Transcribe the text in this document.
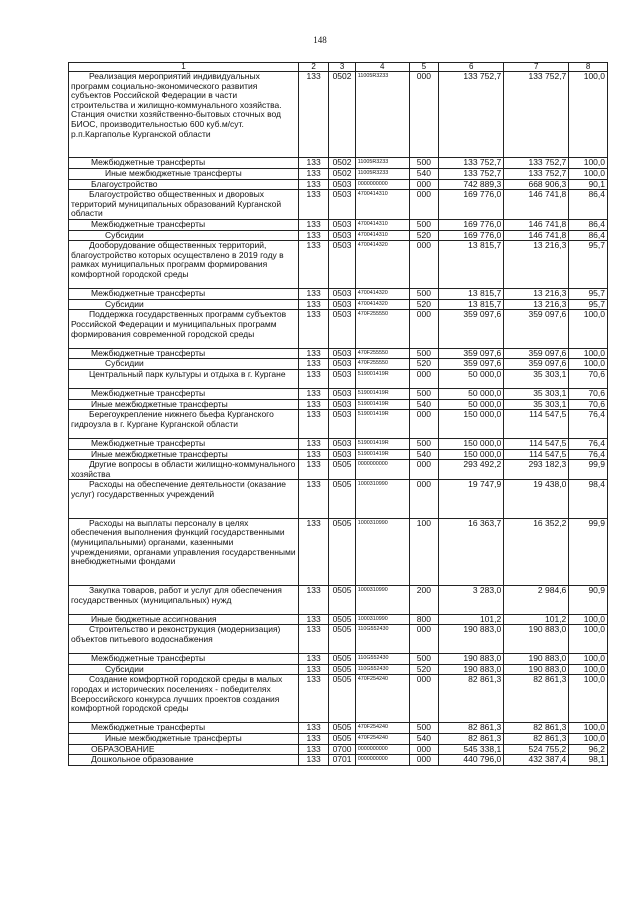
148
1	2	3	4	5	6	7	8
Реализация мероприятий индивидуальных программ социально-экономического развития субъектов Российской Федерации в части строительства и жилищно-коммунального хозяйства. Станция очистки хозяйственно-бытовых сточных вод БИОС, производительностью 600 куб.м/сут. р.п.Каргаполье Курганской области	133	0502	11005R3233	000	133 752,7	133 752,7	100,0
Межбюджетные трансферты	133	0502	11005R3233	500	133 752,7	133 752,7	100,0
Иные межбюджетные трансферты	133	0502	11005R3233	540	133 752,7	133 752,7	100,0
Благоустройство	133	0503	0000000000	000	742 889,3	668 906,3	90,1
Благоустройство общественных и дворовых территорий муниципальных образований Курганской области	133	0503	4700414310	000	169 776,0	146 741,8	86,4
Межбюджетные трансферты	133	0503	4700414310	500	169 776,0	146 741,8	86,4
Субсидии	133	0503	4700414310	520	169 776,0	146 741,8	86,4
Дооборудование общественных территорий, благоустройство которых осуществлено в 2019 году в рамках муниципальных программ формирования комфортной городской среды	133	0503	4700414320	000	13 815,7	13 216,3	95,7
Межбюджетные трансферты	133	0503	4700414320	500	13 815,7	13 216,3	95,7
Субсидии	133	0503	4700414320	520	13 815,7	13 216,3	95,7
Поддержка государственных программ субъектов Российской Федерации и муниципальных программ формирования современной городской среды	133	0503	470F255550	000	359 097,6	359 097,6	100,0
Межбюджетные трансферты	133	0503	470F255550	500	359 097,6	359 097,6	100,0
Субсидии	133	0503	470F255550	520	359 097,6	359 097,6	100,0
Центральный парк культуры и отдыха в г. Кургане	133	0503	519001419R	000	50 000,0	35 303,1	70,6
Межбюджетные трансферты	133	0503	519001419R	500	50 000,0	35 303,1	70,6
Иные межбюджетные трансферты	133	0503	519001419R	540	50 000,0	35 303,1	70,6
Берегоукрепление нижнего бьефа Курганского гидроузла в г. Кургане Курганской области	133	0503	519001419R	000	150 000,0	114 547,5	76,4
Межбюджетные трансферты	133	0503	519001419R	500	150 000,0	114 547,5	76,4
Иные межбюджетные трансферты	133	0503	519001419R	540	150 000,0	114 547,5	76,4
Другие вопросы в области жилищно-коммунального хозяйства	133	0505	0000000000	000	293 492,2	293 182,3	99,9
Расходы на обеспечение деятельности (оказание услуг) государственных учреждений	133	0505	1000310990	000	19 747,9	19 438,0	98,4
Расходы на выплаты персоналу в целях обеспечения выполнения функций государственными (муниципальными) органами, казенными учреждениями, органами управления государственными внебюджетными фондами	133	0505	1000310990	100	16 363,7	16 352,2	99,9
Закупка товаров, работ и услуг для обеспечения государственных (муниципальных) нужд	133	0505	1000310990	200	3 283,0	2 984,6	90,9
Иные бюджетные ассигнования	133	0505	1000310990	800	101,2	101,2	100,0
Строительство и реконструкция (модернизация) объектов питьевого водоснабжения	133	0505	110G552430	000	190 883,0	190 883,0	100,0
Межбюджетные трансферты	133	0505	110G552430	500	190 883,0	190 883,0	100,0
Субсидии	133	0505	110G552430	520	190 883,0	190 883,0	100,0
Создание комфортной городской среды в малых городах и исторических поселениях - победителях Всероссийского конкурса лучших проектов создания комфортной городской среды	133	0505	470F254240	000	82 861,3	82 861,3	100,0
Межбюджетные трансферты	133	0505	470F254240	500	82 861,3	82 861,3	100,0
Иные межбюджетные трансферты	133	0505	470F254240	540	82 861,3	82 861,3	100,0
ОБРАЗОВАНИЕ	133	0700	0000000000	000	545 338,1	524 755,2	96,2
Дошкольное образование	133	0701	0000000000	000	440 796,0	432 387,4	98,1
